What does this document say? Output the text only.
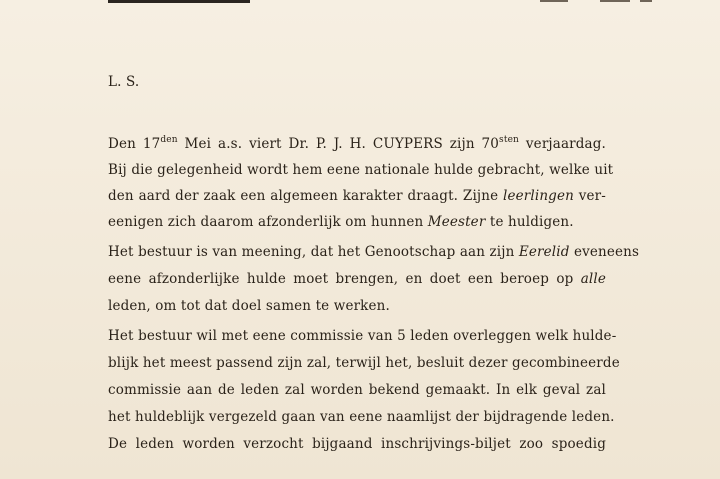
L. S.
Den $17^{den}$ Mei a.s. viert Dr. P. J. H. CUYPERS zijn $70^{sten}$ verjaardag.
Bij die gelegenheid wordt hem eene nationale hulde gebracht, welke uit
den aard der zaak een algemeen karakter draagt. Zijne leerlingen ver-
eenigen zich daarom afzonderlijk om hunnen Meester te huldigen.
Het bestuur is van meening, dat het Genootschap aan zijn Eerelid eveneens
eene afzonderlijke hulde moet brengen, en doet een beroep op alle
leden, om tot dat doel samen te werken.
Het bestuur wil met eene commissie van 5 leden overleggen welk hulde-
blijk het meest passend zijn zal, terwijl het, besluit dezer gecombineerde
commissie aan de leden zal worden bekend gemaakt. In elk geval zal
het huldeblijk vergezeld gaan van eene naamlijst der bijdragende leden.
De leden worden verzocht bijgaand inschrijvings-biljet zoo spoedig
